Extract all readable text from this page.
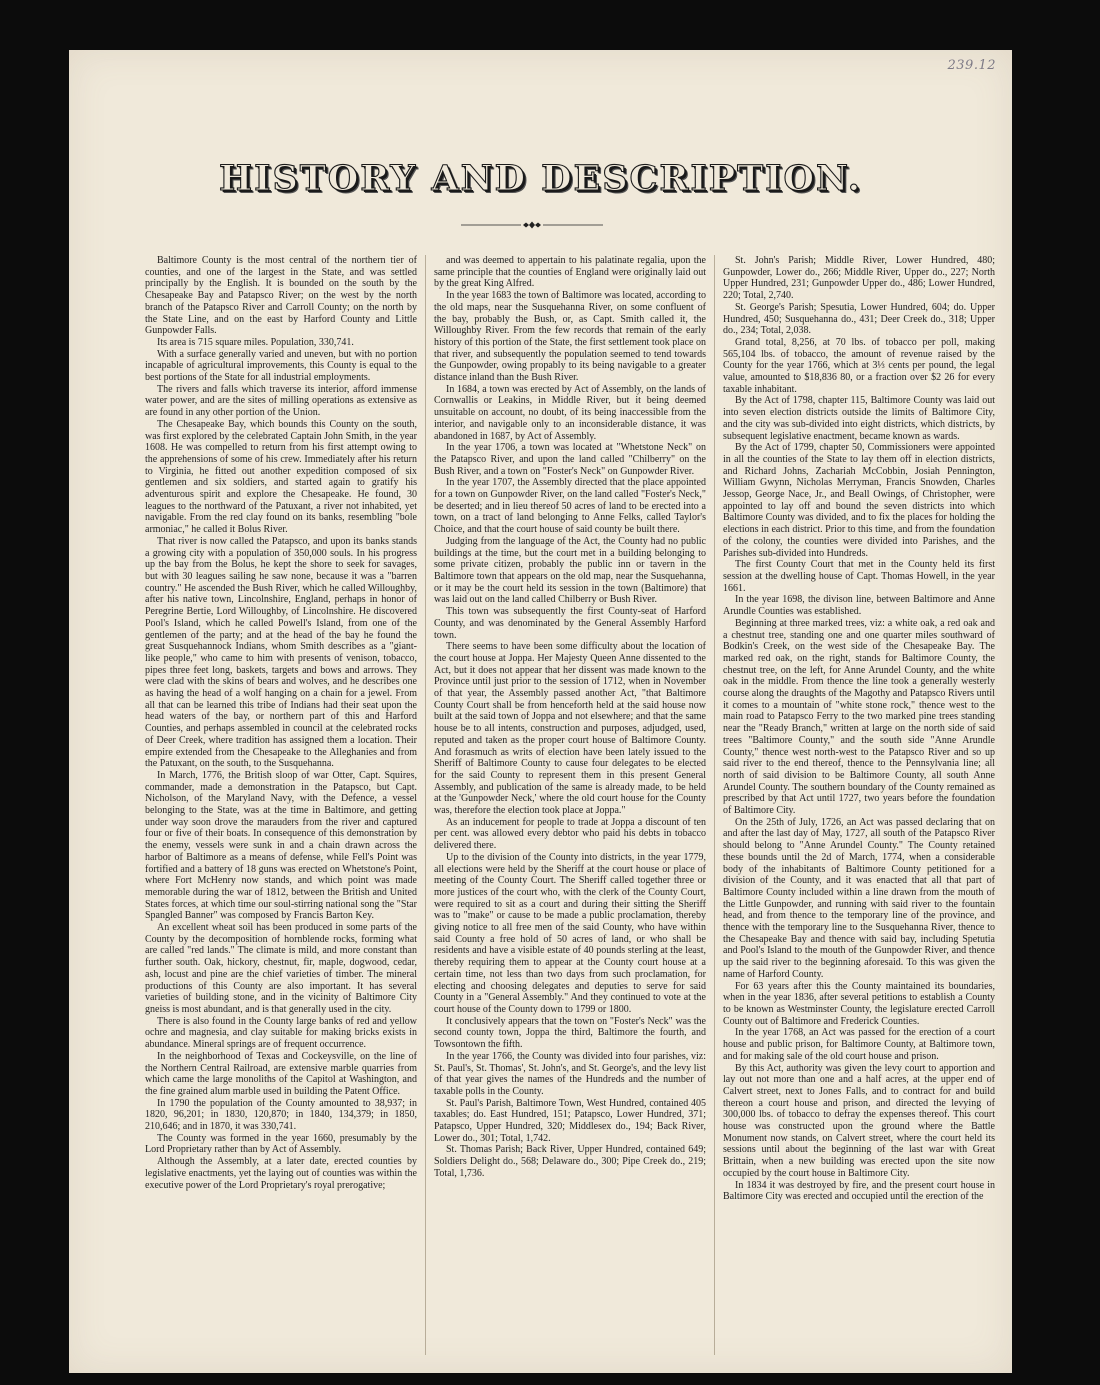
239.12
HISTORY AND DESCRIPTION.

Baltimore County is the most central of the northern tier of counties, and one of the largest in the State, and was settled principally by the English. It is bounded on the south by the Chesapeake Bay and Patapsco River; on the west by the north branch of the Patapsco River and Carroll County; on the north by the State Line, and on the east by Harford County and Little Gunpowder Falls.

Its area is 715 square miles. Population, 330,741.

With a surface generally varied and uneven, but with no portion incapable of agricultural improvements, this County is equal to the best portions of the State for all industrial employments.

The rivers and falls which traverse its interior, afford immense water power, and are the sites of milling operations as extensive as are found in any other portion of the Union.

The Chesapeake Bay, which bounds this County on the south, was first explored by the celebrated Captain John Smith, in the year 1608. He was compelled to return from his first attempt owing to the apprehensions of some of his crew. Immediately after his return to Virginia, he fitted out another expedition composed of six gentlemen and six soldiers, and started again to gratify his adventurous spirit and explore the Chesapeake. He found, 30 leagues to the northward of the Patuxant, a river not inhabited, yet navigable. From the red clay found on its banks, resembling "bole armoniac," he called it Bolus River.

That river is now called the Patapsco, and upon its banks stands a growing city with a population of 350,000 souls. In his progress up the bay from the Bolus, he kept the shore to seek for savages, but with 30 leagues sailing he saw none, because it was a "barren country." He ascended the Bush River, which he called Willoughby, after his native town, Lincolnshire, England, perhaps in honor of Peregrine Bertie, Lord Willoughby, of Lincolnshire. He discovered Pool's Island, which he called Powell's Island, from one of the gentlemen of the party; and at the head of the bay he found the great Susquehannock Indians, whom Smith describes as a "giant-like people," who came to him with presents of venison, tobacco, pipes three feet long, baskets, targets and bows and arrows. They were clad with the skins of bears and wolves, and he describes one as having the head of a wolf hanging on a chain for a jewel. From all that can be learned this tribe of Indians had their seat upon the head waters of the bay, or northern part of this and Harford Counties, and perhaps assembled in council at the celebrated rocks of Deer Creek, where tradition has assigned them a location. Their empire extended from the Chesapeake to the Alleghanies and from the Patuxant, on the south, to the Susquehanna.

In March, 1776, the British sloop of war Otter, Capt. Squires, commander, made a demonstration in the Patapsco, but Capt. Nicholson, of the Maryland Navy, with the Defence, a vessel belonging to the State, was at the time in Baltimore, and getting under way soon drove the marauders from the river and captured four or five of their boats. In consequence of this demonstration by the enemy, vessels were sunk in and a chain drawn across the harbor of Baltimore as a means of defense, while Fell's Point was fortified and a battery of 18 guns was erected on Whetstone's Point, where Fort McHenry now stands, and which point was made memorable during the war of 1812, between the British and United States forces, at which time our soul-stirring national song the "Star Spangled Banner" was composed by Francis Barton Key.

An excellent wheat soil has been produced in some parts of the County by the decomposition of hornblende rocks, forming what are called "red lands." The climate is mild, and more constant than further south. Oak, hickory, chestnut, fir, maple, dogwood, cedar, ash, locust and pine are the chief varieties of timber. The mineral productions of this County are also important. It has several varieties of building stone, and in the vicinity of Baltimore City gneiss is most abundant, and is that generally used in the city.

There is also found in the County large banks of red and yellow ochre and magnesia, and clay suitable for making bricks exists in abundance. Mineral springs are of frequent occurrence.

In the neighborhood of Texas and Cockeysville, on the line of the Northern Central Railroad, are extensive marble quarries from which came the large monoliths of the Capitol at Washington, and the fine grained alum marble used in building the Patent Office.

In 1790 the population of the County amounted to 38,937; in 1820, 96,201; in 1830, 120,870; in 1840, 134,379; in 1850, 210,646; and in 1870, it was 330,741.

The County was formed in the year 1660, presumably by the Lord Proprietary rather than by Act of Assembly.

Although the Assembly, at a later date, erected counties by legislative enactments, yet the laying out of counties was within the executive power of the Lord Proprietary's royal prerogative;

and was deemed to appertain to his palatinate regalia, upon the same principle that the counties of England were originally laid out by the great King Alfred.

In the year 1683 the town of Baltimore was located, according to the old maps, near the Susquehanna River, on some confluent of the bay, probably the Bush, or, as Capt. Smith called it, the Willoughby River. From the few records that remain of the early history of this portion of the State, the first settlement took place on that river, and subsequently the population seemed to tend towards the Gunpowder, owing propably to its being navigable to a greater distance inland than the Bush River.

In 1684, a town was erected by Act of Assembly, on the lands of Cornwallis or Leakins, in Middle River, but it being deemed unsuitable on account, no doubt, of its being inaccessible from the interior, and navigable only to an inconsiderable distance, it was abandoned in 1687, by Act of Assembly.

In the year 1706, a town was located at "Whetstone Neck" on the Patapsco River, and upon the land called "Chilberry" on the Bush River, and a town on "Foster's Neck" on Gunpowder River.

In the year 1707, the Assembly directed that the place appointed for a town on Gunpowder River, on the land called "Foster's Neck," be deserted; and in lieu thereof 50 acres of land to be erected into a town, on a tract of land belonging to Anne Felks, called Taylor's Choice, and that the court house of said county be built there.

Judging from the language of the Act, the County had no public buildings at the time, but the court met in a building belonging to some private citizen, probably the public inn or tavern in the Baltimore town that appears on the old map, near the Susquehanna, or it may be the court held its session in the town (Baltimore) that was laid out on the land called Chilberry or Bush River.

This town was subsequently the first County-seat of Harford County, and was denominated by the General Assembly Harford town.

There seems to have been some difficulty about the location of the court house at Joppa. Her Majesty Queen Anne dissented to the Act, but it does not appear that her dissent was made known to the Province until just prior to the session of 1712, when in November of that year, the Assembly passed another Act, "that Baltimore County Court shall be from henceforth held at the said house now built at the said town of Joppa and not elsewhere; and that the same house be to all intents, construction and purposes, adjudged, used, reputed and taken as the proper court house of Baltimore County. And forasmuch as writs of election have been lately issued to the Sheriff of Baltimore County to cause four delegates to be elected for the said County to represent them in this present General Assembly, and publication of the same is already made, to be held at the 'Gunpowder Neck,' where the old court house for the County was, therefore the election took place at Joppa."

As an inducement for people to trade at Joppa a discount of ten per cent. was allowed every debtor who paid his debts in tobacco delivered there.

Up to the division of the County into districts, in the year 1779, all elections were held by the Sheriff at the court house or place of meeting of the County Court. The Sheriff called together three or more justices of the court who, with the clerk of the County Court, were required to sit as a court and during their sitting the Sheriff was to "make" or cause to be made a public proclamation, thereby giving notice to all free men of the said County, who have within said County a free hold of 50 acres of land, or who shall be residents and have a visible estate of 40 pounds sterling at the least, thereby requiring them to appear at the County court house at a certain time, not less than two days from such proclamation, for electing and choosing delegates and deputies to serve for said County in a "General Assembly." And they continued to vote at the court house of the County down to 1799 or 1800.

It conclusively appears that the town on "Foster's Neck" was the second county town, Joppa the third, Baltimore the fourth, and Towsontown the fifth.

In the year 1766, the County was divided into four parishes, viz: St. Paul's, St. Thomas', St. John's, and St. George's, and the levy list of that year gives the names of the Hundreds and the number of taxable polls in the County.

St. Paul's Parish, Baltimore Town, West Hundred, contained 405 taxables; do. East Hundred, 151; Patapsco, Lower Hundred, 371; Patapsco, Upper Hundred, 320; Middlesex do., 194; Back River, Lower do., 301; Total, 1,742.

St. Thomas Parish; Back River, Upper Hundred, contained 649; Soldiers Delight do., 568; Delaware do., 300; Pipe Creek do., 219; Total, 1,736.

St. John's Parish; Middle River, Lower Hundred, 480; Gunpowder, Lower do., 266; Middle River, Upper do., 227; North Upper Hundred, 231; Gunpowder Upper do., 486; Lower Hundred, 220; Total, 2,740.

St. George's Parish; Spesutia, Lower Hundred, 604; do. Upper Hundred, 450; Susquehanna do., 431; Deer Creek do., 318; Upper do., 234; Total, 2,038.

Grand total, 8,256, at 70 lbs. of tobacco per poll, making 565,104 lbs. of tobacco, the amount of revenue raised by the County for the year 1766, which at 3⅓ cents per pound, the legal value, amounted to $18,836 80, or a fraction over $2 26 for every taxable inhabitant.

By the Act of 1798, chapter 115, Baltimore County was laid out into seven election districts outside the limits of Baltimore City, and the city was sub-divided into eight districts, which districts, by subsequent legislative enactment, became known as wards.

By the Act of 1799, chapter 50, Commissioners were appointed in all the counties of the State to lay them off in election districts, and Richard Johns, Zachariah McCobbin, Josiah Pennington, William Gwynn, Nicholas Merryman, Francis Snowden, Charles Jessop, George Nace, Jr., and Beall Owings, of Christopher, were appointed to lay off and bound the seven districts into which Baltimore County was divided, and to fix the places for holding the elections in each district. Prior to this time, and from the foundation of the colony, the counties were divided into Parishes, and the Parishes sub-divided into Hundreds.

The first County Court that met in the County held its first session at the dwelling house of Capt. Thomas Howell, in the year 1661.

In the year 1698, the divison line, between Baltimore and Anne Arundle Counties was established.

Beginning at three marked trees, viz: a white oak, a red oak and a chestnut tree, standing one and one quarter miles southward of Bodkin's Creek, on the west side of the Chesapeake Bay. The marked red oak, on the right, stands for Baltimore County, the chestnut tree, on the left, for Anne Arundel County, and the white oak in the middle. From thence the line took a generally westerly course along the draughts of the Magothy and Patapsco Rivers until it comes to a mountain of "white stone rock," thence west to the main road to Patapsco Ferry to the two marked pine trees standing near the "Ready Branch," written at large on the north side of said trees "Baltimore County," and the south side "Anne Arundle County," thence west north-west to the Patapsco River and so up said river to the end thereof, thence to the Pennsylvania line; all north of said division to be Baltimore County, all south Anne Arundel County. The southern boundary of the County remained as prescribed by that Act until 1727, two years before the foundation of Baltimore City.

On the 25th of July, 1726, an Act was passed declaring that on and after the last day of May, 1727, all south of the Patapsco River should belong to "Anne Arundel County." The County retained these bounds until the 2d of March, 1774, when a considerable body of the inhabitants of Baltimore County petitioned for a division of the County, and it was enacted that all that part of Baltimore County included within a line drawn from the mouth of the Little Gunpowder, and running with said river to the fountain head, and from thence to the temporary line of the province, and thence with the temporary line to the Susquehanna River, thence to the Chesapeake Bay and thence with said bay, including Spetutia and Pool's Island to the mouth of the Gunpowder River, and thence up the said river to the beginning aforesaid. To this was given the name of Harford County.

For 63 years after this the County maintained its boundaries, when in the year 1836, after several petitions to establish a County to be known as Westminster County, the legislature erected Carroll County out of Baltimore and Frederick Counties.

In the year 1768, an Act was passed for the erection of a court house and public prison, for Baltimore County, at Baltimore town, and for making sale of the old court house and prison.

By this Act, authority was given the levy court to apportion and lay out not more than one and a half acres, at the upper end of Calvert street, next to Jones Falls, and to contract for and build thereon a court house and prison, and directed the levying of 300,000 lbs. of tobacco to defray the expenses thereof. This court house was constructed upon the ground where the Battle Monument now stands, on Calvert street, where the court held its sessions until about the beginning of the last war with Great Brittain, when a new building was erected upon the site now occupied by the court house in Baltimore City.

In 1834 it was destroyed by fire, and the present court house in Baltimore City was erected and occupied until the erection of the
